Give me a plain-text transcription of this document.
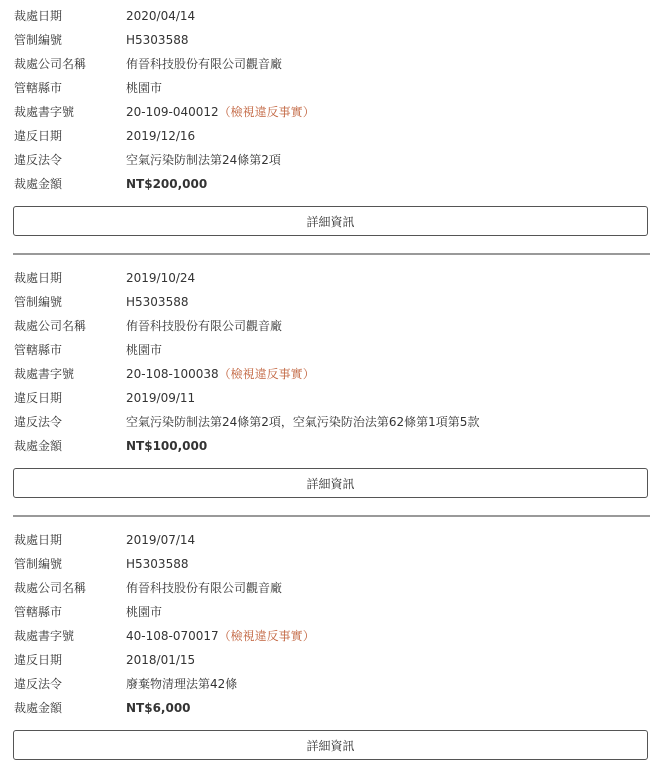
裁處日期	2020/04/14
管制編號	H5303588
裁處公司名稱	侑晉科技股份有限公司觀音廠
管轄縣市	桃園市
裁處書字號	20-109-040012（檢視違反事實）
違反日期	2019/12/16
違反法令	空氣污染防制法第24條第2項
裁處金額	NT$200,000
詳細資訊
裁處日期	2019/10/24
管制編號	H5303588
裁處公司名稱	侑晉科技股份有限公司觀音廠
管轄縣市	桃園市
裁處書字號	20-108-100038（檢視違反事實）
違反日期	2019/09/11
違反法令	空氣污染防制法第24條第2項，空氣污染防治法第62條第1項第5款
裁處金額	NT$100,000
詳細資訊
裁處日期	2019/07/14
管制編號	H5303588
裁處公司名稱	侑晉科技股份有限公司觀音廠
管轄縣市	桃園市
裁處書字號	40-108-070017（檢視違反事實）
違反日期	2018/01/15
違反法令	廢棄物清理法第42條
裁處金額	NT$6,000
詳細資訊
